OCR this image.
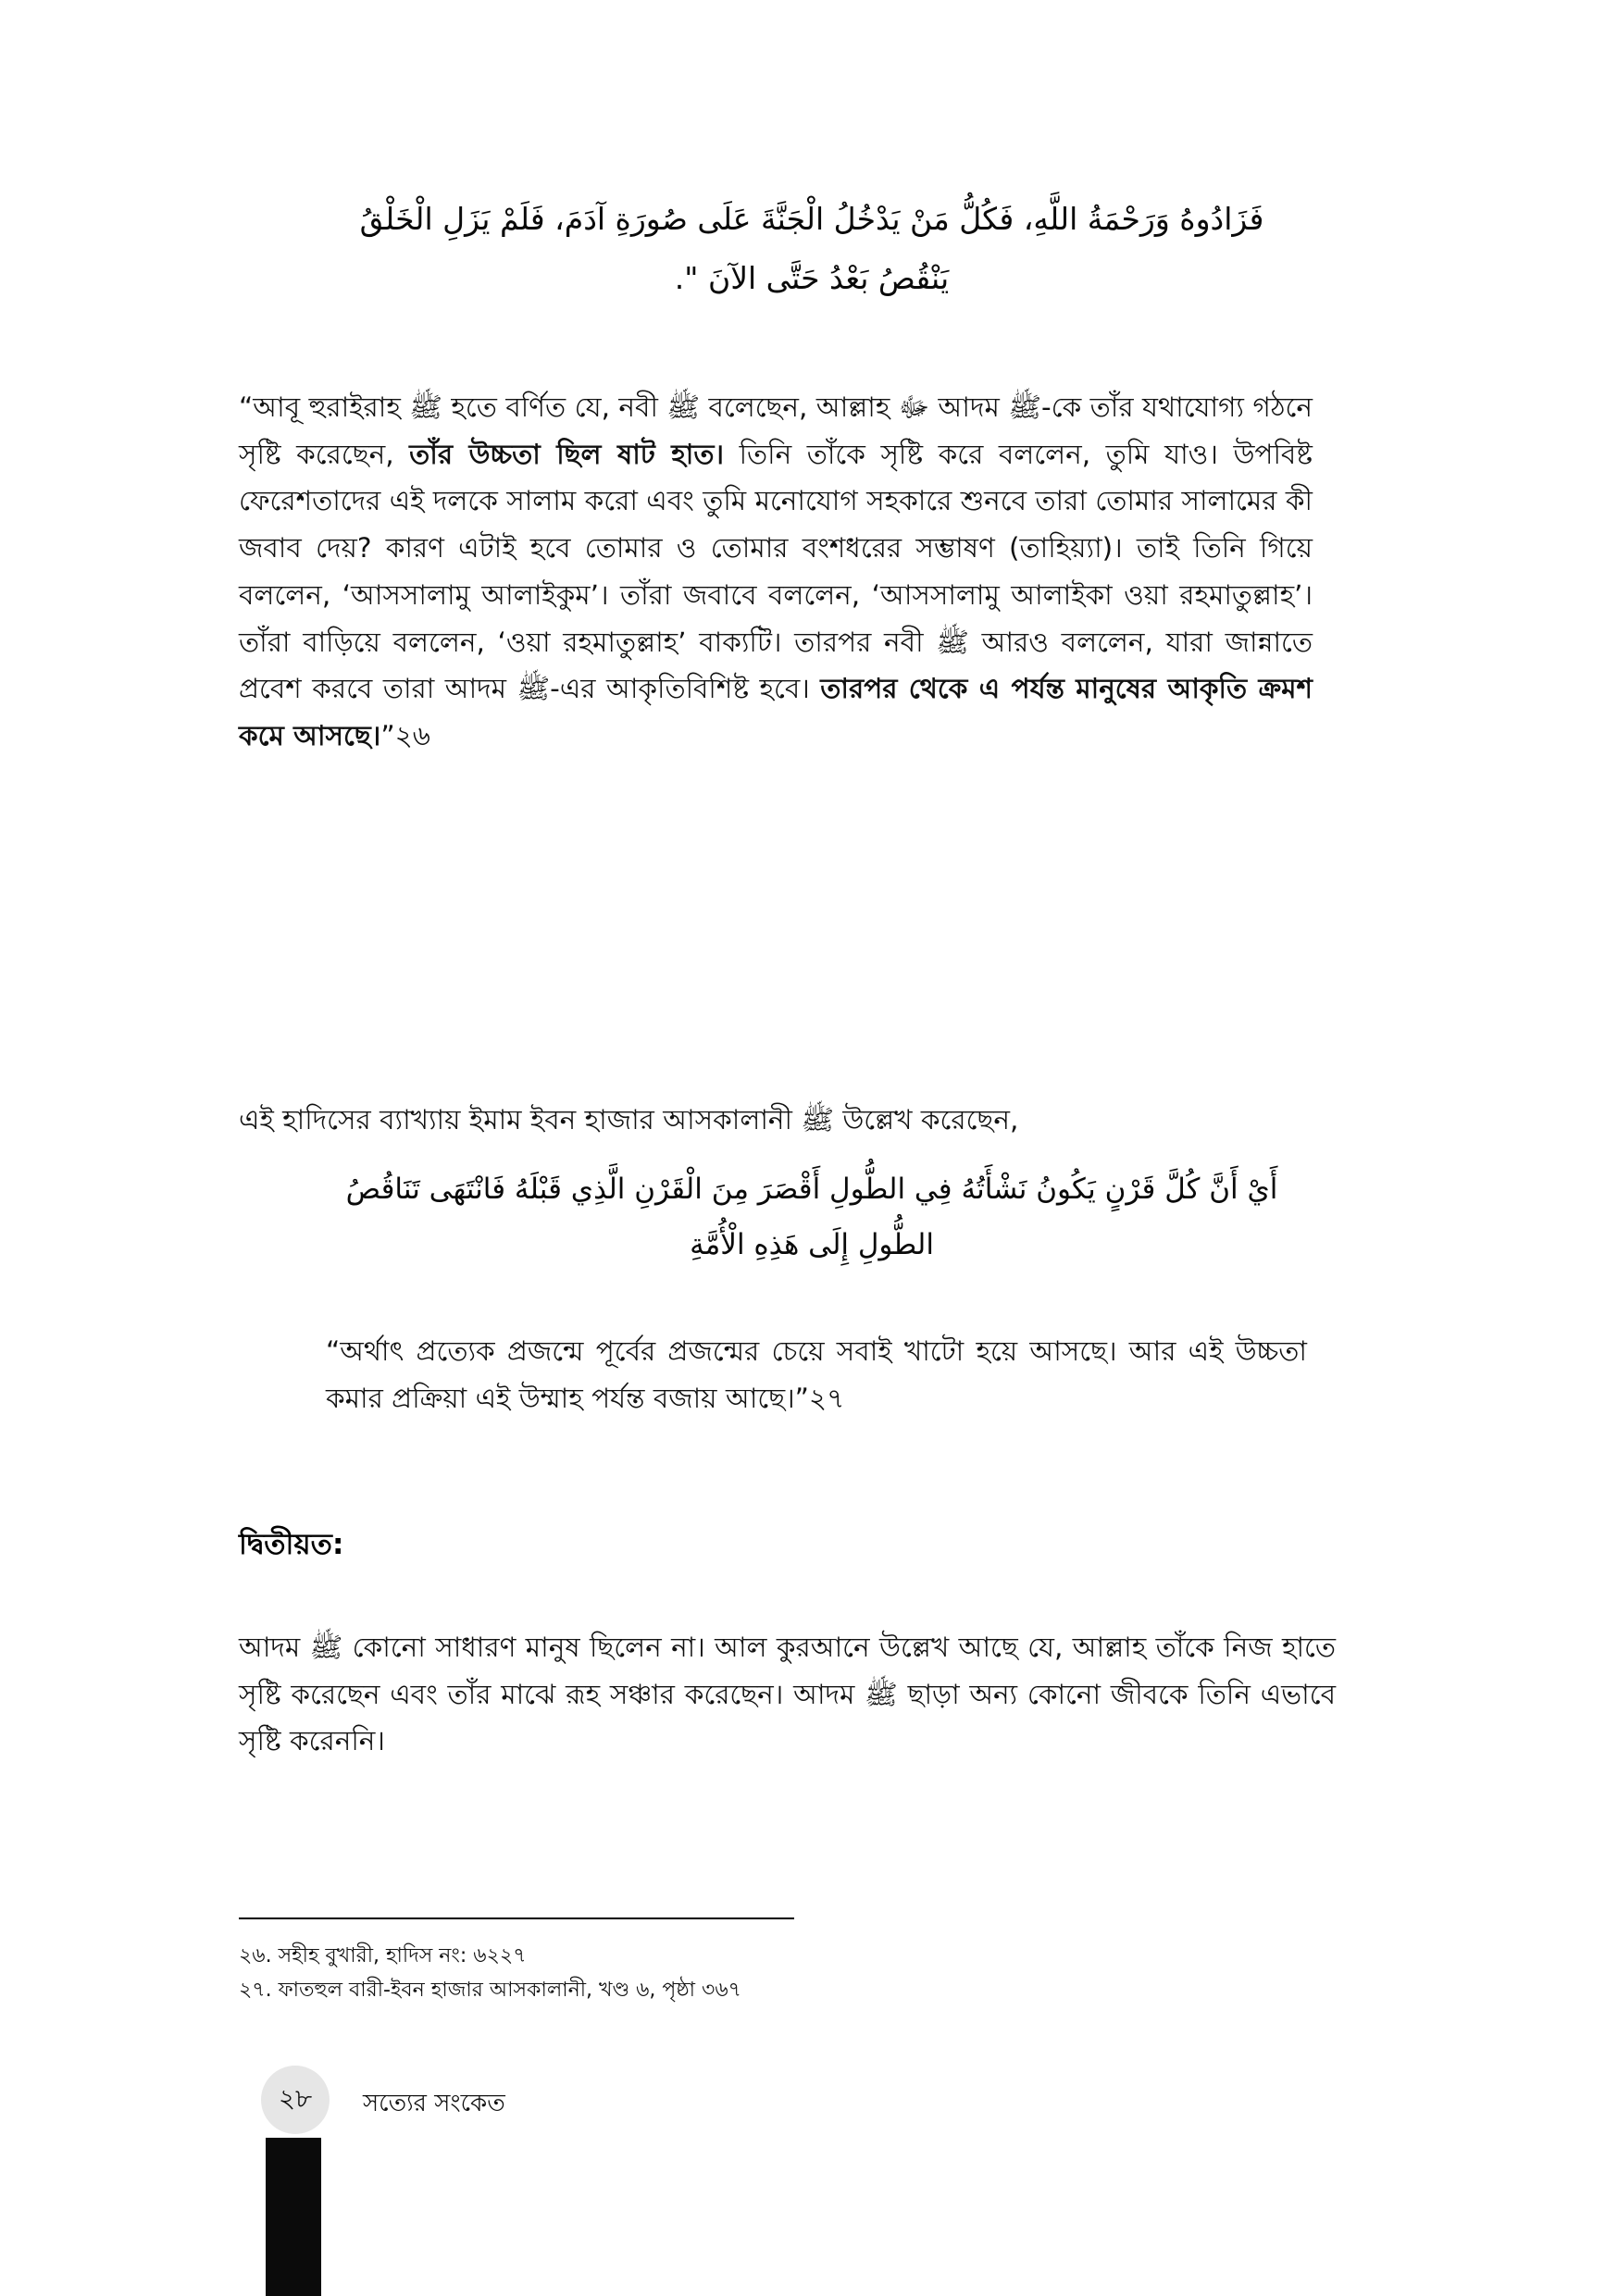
فَزَادُوهُ وَرَحْمَةُ اللَّهِ، فَكُلُّ مَنْ يَدْخُلُ الْجَنَّةَ عَلَى صُورَةِ آدَمَ، فَلَمْ يَزَلِ الْخَلْقُ يَنْقُصُ بَعْدُ حَتَّى الآنَ ".
“আবূ হুরাইরাহ ﷺ হতে বর্ণিত যে, নবী ﷺ বলেছেন, আল্লাহ ﷻ আদম ﷺ-কে তাঁর যথাযোগ্য গঠনে সৃষ্টি করেছেন, তাঁর উচ্চতা ছিল ষাট হাত। তিনি তাঁকে সৃষ্টি করে বললেন, তুমি যাও। উপবিষ্ট ফেরেশতাদের এই দলকে সালাম করো এবং তুমি মনোযোগ সহকারে শুনবে তারা তোমার সালামের কী জবাব দেয়? কারণ এটাই হবে তোমার ও তোমার বংশধরের সম্ভাষণ (তাহিয়্যা)। তাই তিনি গিয়ে বললেন, ‘আসসালামু আলাইকুম’। তাঁরা জবাবে বললেন, ‘আসসালামু আলাইকা ওয়া রহমাতুল্লাহ’। তাঁরা বাড়িয়ে বললেন, ‘ওয়া রহমাতুল্লাহ’ বাক্যটি। তারপর নবী ﷺ আরও বললেন, যারা জান্নাতে প্রবেশ করবে তারা আদম ﷺ-এর আকৃতিবিশিষ্ট হবে। তারপর থেকে এ পর্যন্ত মানুষের আকৃতি ক্রমশ কমে আসছে।”২৬
এই হাদিসের ব্যাখ্যায় ইমাম ইবন হাজার আসকালানী ﷺ উল্লেখ করেছেন,
أَيْ أَنَّ كُلَّ قَرْنٍ يَكُونُ نَشْأَتُهُ فِي الطُّولِ أَقْصَرَ مِنَ الْقَرْنِ الَّذِي قَبْلَهُ فَانْتَهَى تَنَاقُصُ الطُّولِ إِلَى هَذِهِ الْأُمَّةِ
“অর্থাৎ প্রত্যেক প্রজন্মে পূর্বের প্রজন্মের চেয়ে সবাই খাটো হয়ে আসছে। আর এই উচ্চতা কমার প্রক্রিয়া এই উম্মাহ পর্যন্ত বজায় আছে।”২৭
দ্বিতীয়ত:
আদম ﷺ কোনো সাধারণ মানুষ ছিলেন না। আল কুরআনে উল্লেখ আছে যে, আল্লাহ তাঁকে নিজ হাতে সৃষ্টি করেছেন এবং তাঁর মাঝে রূহ সঞ্চার করেছেন। আদম ﷺ ছাড়া অন্য কোনো জীবকে তিনি এভাবে সৃষ্টি করেননি।
২৬. সহীহ বুখারী, হাদিস নং: ৬২২৭
২৭. ফাতহুল বারী-ইবন হাজার আসকালানী, খণ্ড ৬, পৃষ্ঠা ৩৬৭
২৮	সত্যের সংকেত
